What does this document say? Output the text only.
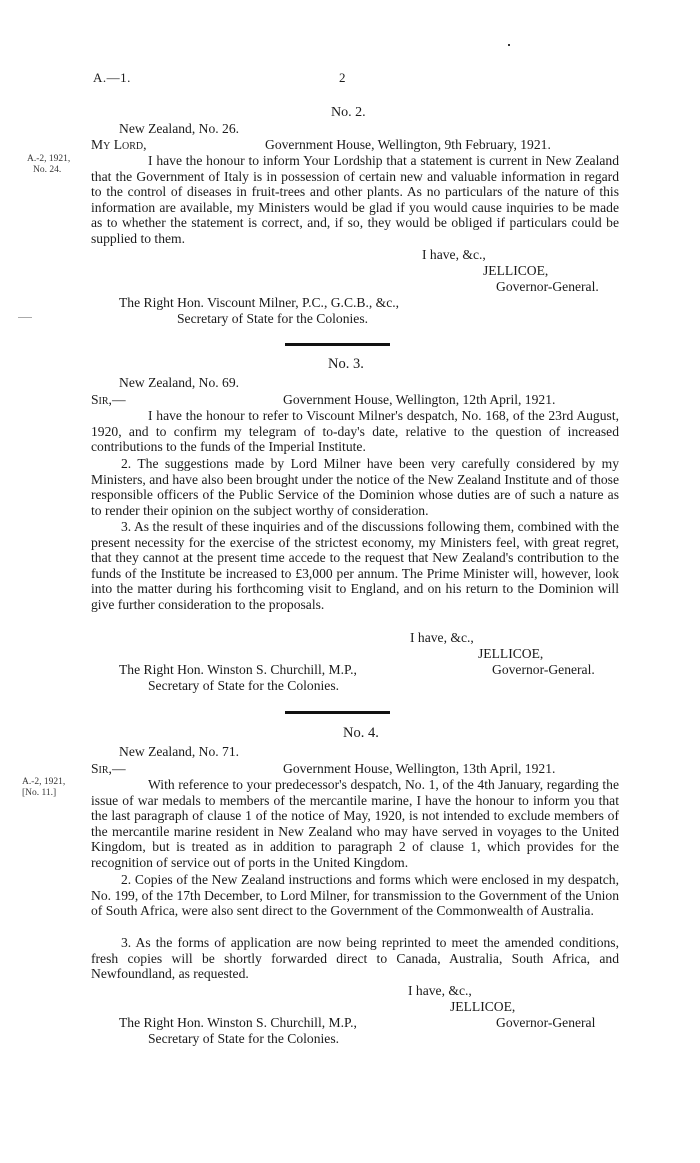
A.—1.	2
No. 2.
New Zealand, No. 26.
My Lord,	Government House, Wellington, 9th February, 1921.
A.-2, 1921,
No. 24.

I have the honour to inform Your Lordship that a statement is current in New Zealand that the Government of Italy is in possession of certain new and valuable information in regard to the control of diseases in fruit-trees and other plants. As no particulars of the nature of this information are available, my Ministers would be glad if you would cause inquiries to be made as to whether the statement is correct, and, if so, they would be obliged if particulars could be supplied to them.

I have, &c.,
JELLICOE,
Governor-General.
The Right Hon. Viscount Milner, P.C., G.C.B., &c.,
Secretary of State for the Colonies.
No. 3.
New Zealand, No. 69.
Sir,—	Government House, Wellington, 12th April, 1921.

I have the honour to refer to Viscount Milner's despatch, No. 168, of the 23rd August, 1920, and to confirm my telegram of to-day's date, relative to the question of increased contributions to the funds of the Imperial Institute.

2. The suggestions made by Lord Milner have been very carefully considered by my Ministers, and have also been brought under the notice of the New Zealand Institute and of those responsible officers of the Public Service of the Dominion whose duties are of such a nature as to render their opinion on the subject worthy of consideration.

3. As the result of these inquiries and of the discussions following them, combined with the present necessity for the exercise of the strictest economy, my Ministers feel, with great regret, that they cannot at the present time accede to the request that New Zealand's contribution to the funds of the Institute be increased to £3,000 per annum. The Prime Minister will, however, look into the matter during his forthcoming visit to England, and on his return to the Dominion will give further consideration to the proposals.

I have, &c.,
JELLICOE,
The Right Hon. Winston S. Churchill, M.P.,	Governor-General.
Secretary of State for the Colonies.
No. 4.
New Zealand, No. 71.
Sir,—	Government House, Wellington, 13th April, 1921.
A.-2, 1921,
[No. 11.]

With reference to your predecessor's despatch, No. 1, of the 4th January, regarding the issue of war medals to members of the mercantile marine, I have the honour to inform you that the last paragraph of clause 1 of the notice of May, 1920, is not intended to exclude members of the mercantile marine resident in New Zealand who may have served in voyages to the United Kingdom, but is treated as in addition to paragraph 2 of clause 1, which provides for the recognition of service out of ports in the United Kingdom.

2. Copies of the New Zealand instructions and forms which were enclosed in my despatch, No. 199, of the 17th December, to Lord Milner, for transmission to the Government of the Union of South Africa, were also sent direct to the Government of the Commonwealth of Australia.

3. As the forms of application are now being reprinted to meet the amended conditions, fresh copies will be shortly forwarded direct to Canada, Australia, South Africa, and Newfoundland, as requested.

I have, &c.,
JELLICOE,
The Right Hon. Winston S. Churchill, M.P.,	Governor-General
Secretary of State for the Colonies.
